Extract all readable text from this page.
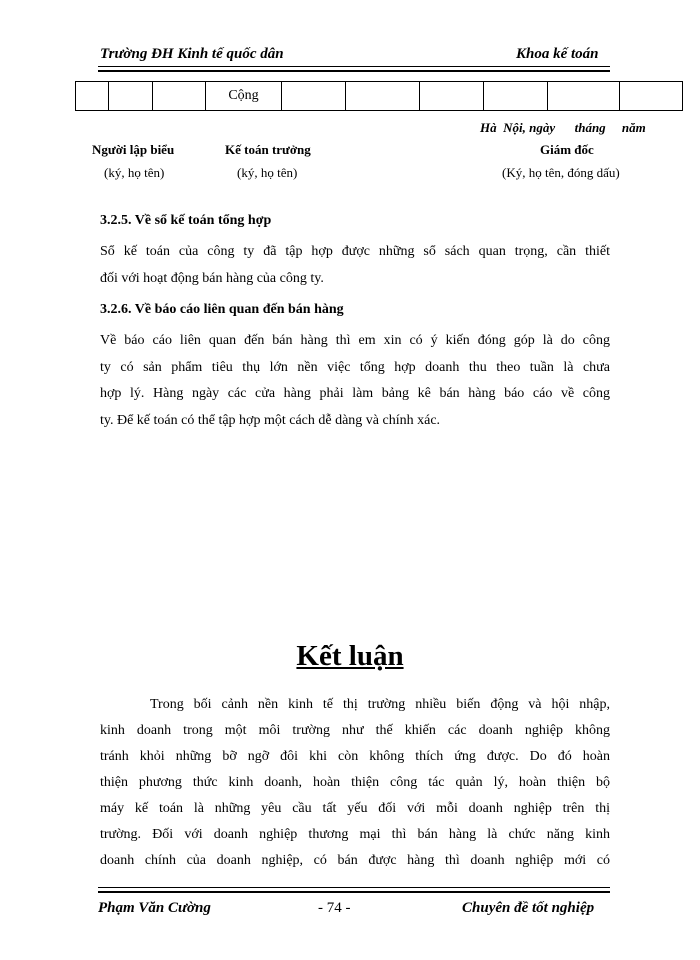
Trường ĐH Kinh tế quốc dân	Khoa kế toán
			Cộng						
Hà  Nội, ngày      tháng     năm
Người lập biểu
(ký, họ tên)
Kế toán trưởng
(ký, họ tên)
Giám đốc
(Ký, họ tên, đóng dấu)
3.2.5. Về sổ kế toán tổng hợp

Sổ kế toán của công ty đã tập hợp được những sổ sách quan trọng, cần thiết

đối với hoạt động bán hàng của công ty.

3.2.6. Về báo cáo liên quan đến bán hàng

Về báo cáo liên quan đến bán hàng thì em xin có ý kiến đóng góp là do công

ty có sản phẩm tiêu thụ lớn nền việc tổng hợp doanh thu theo tuần là chưa

hợp lý. Hàng ngày các cửa hàng phải làm bảng kê bán hàng báo cáo về công

ty. Để kế toán có thể tập hợp một cách dễ dàng và chính xác.

Kết luận

Trong bối cảnh nền kinh tế thị trường nhiều biến động và hội nhập,

kinh doanh trong một môi trường như thế khiến các doanh nghiệp không

tránh khỏi những bỡ ngỡ đôi khi còn không thích ứng được. Do đó hoàn

thiện phương thức kinh doanh, hoàn thiện công tác quản lý, hoàn thiện bộ

máy kế toán là những yêu cầu tất yếu đối với mỗi doanh nghiệp trên thị

trường. Đối với doanh nghiệp thương mại thì bán hàng là chức năng kinh

doanh chính của doanh nghiệp, có bán được hàng thì doanh nghiệp mới có

Phạm Văn Cường	- 74 -	Chuyên đề tốt nghiệp
